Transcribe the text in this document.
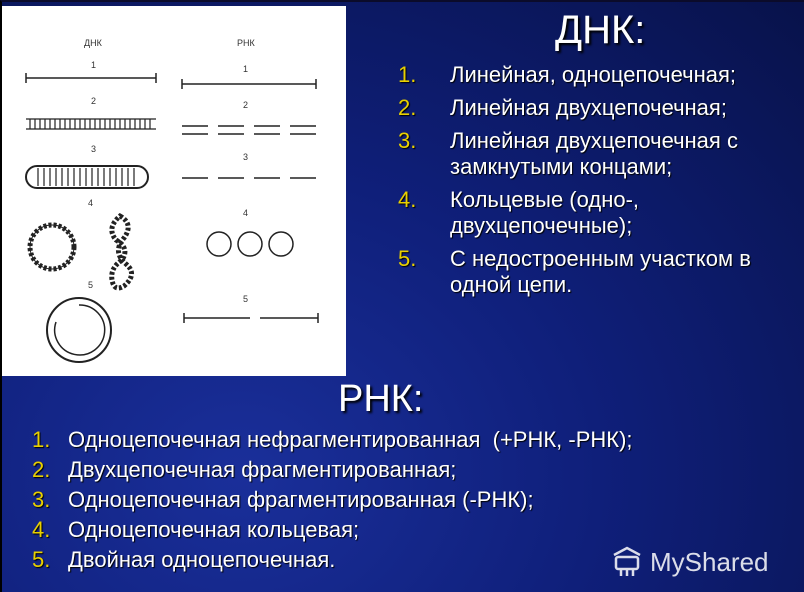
ДНК	РНК
1
2
3
4
5
1
2
3
4
5
ДНК:
1. Линейная, одноцепочечная;
2. Линейная двухцепочечная;
3. Линейная двухцепочечная с замкнутыми концами;
4. Кольцевые (одно-, двухцепочечные);
5. С недостроенным участком в одной цепи.
РНК:
1. Одноцепочечная нефрагментированная  (+РНК, -РНК);
2. Двухцепочечная фрагментированная;
3. Одноцепочечная фрагментированная (-РНК);
4. Одноцепочечная кольцевая;
5. Двойная одноцепочечная.	MyShared
